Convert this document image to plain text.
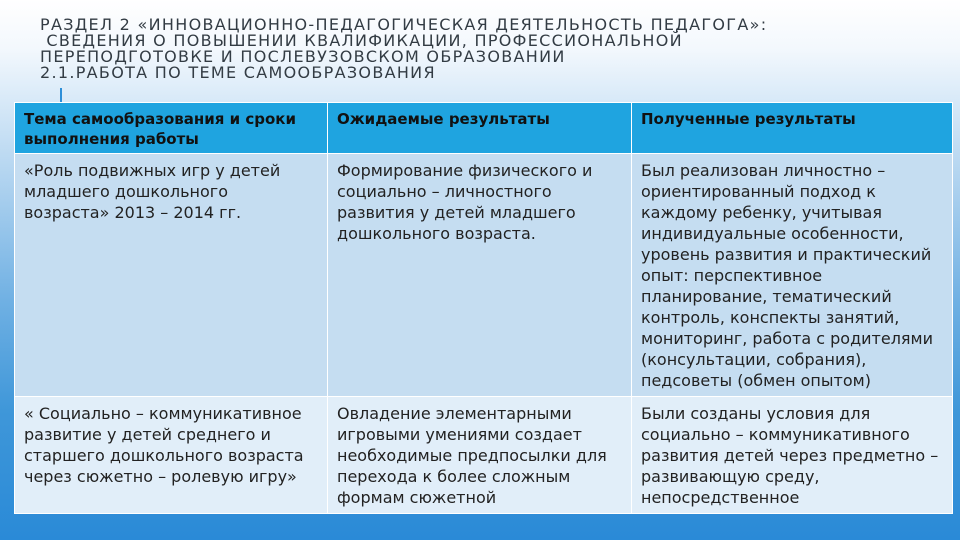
РАЗДЕЛ 2 «ИННОВАЦИОННО-ПЕДАГОГИЧЕСКАЯ ДЕЯТЕЛЬНОСТЬ ПЕДАГОГА»:
СВЕДЕНИЯ О ПОВЫШЕНИИ КВАЛИФИКАЦИИ, ПРОФЕССИОНАЛЬНОЙ
ПЕРЕПОДГОТОВКЕ И ПОСЛЕВУЗОВСКОМ ОБРАЗОВАНИИ
2.1.РАБОТА ПО ТЕМЕ САМООБРАЗОВАНИЯ
Тема самообразования и сроки выполнения работы	Ожидаемые результаты	Полученные результаты
«Роль подвижных игр у детей младшего дошкольного возраста» 2013 – 2014 гг.	Формирование физического и социально – личностного развития у детей младшего дошкольного возраста.	Был реализован личностно – ориентированный подход к каждому ребенку, учитывая индивидуальные особенности, уровень развития и практический опыт: перспективное планирование, тематический контроль, конспекты занятий, мониторинг, работа с родителями (консультации, собрания), педсоветы (обмен опытом)
« Социально – коммуникативное развитие у детей среднего и старшего дошкольного возраста через сюжетно – ролевую игру»	Овладение элементарными игровыми умениями создает необходимые предпосылки для перехода к более сложным формам сюжетной	Были созданы условия для социально – коммуникативного развития детей через предметно – развивающую среду, непосредственное
